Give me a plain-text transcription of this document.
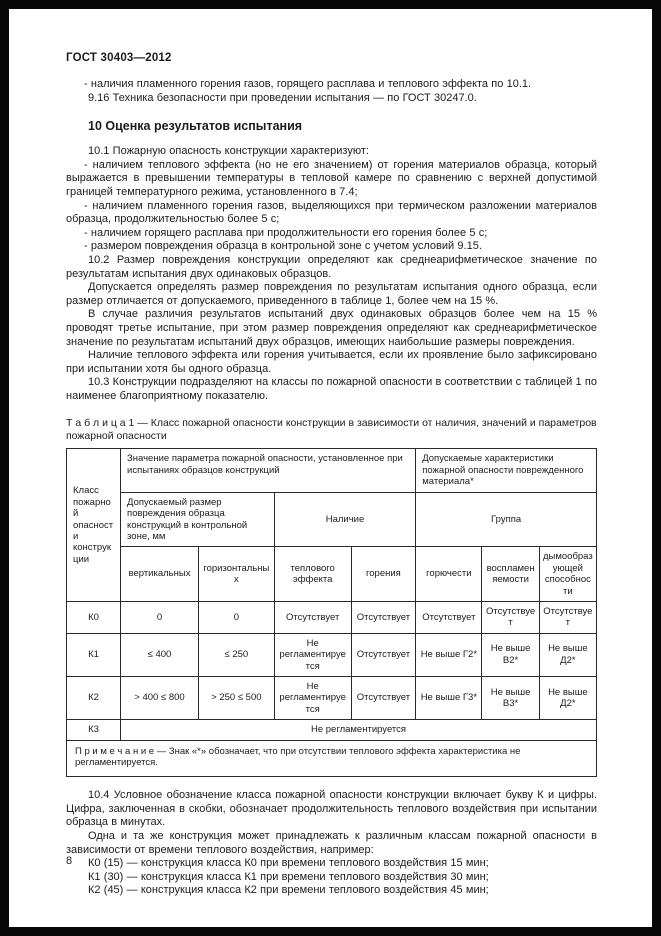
ГОСТ 30403—2012

- наличия пламенного горения газов, горящего расплава и теплового эффекта по 10.1.

9.16 Техника безопасности при проведении испытания — по ГОСТ 30247.0.

10 Оценка результатов испытания

10.1 Пожарную опасность конструкции характеризуют:

- наличием теплового эффекта (но не его значением) от горения материалов образца, который выражается в превышении температуры в тепловой камере по сравнению с верхней допустимой границей температурного режима, установленного в 7.4;

- наличием пламенного горения газов, выделяющихся при термическом разложении материалов образца, продолжительностью более 5 с;

- наличием горящего расплава при продолжительности его горения более 5 с;

- размером повреждения образца в контрольной зоне с учетом условий 9.15.

10.2 Размер повреждения конструкции определяют как среднеарифметическое значение по результатам испытания двух одинаковых образцов.

Допускается определять размер повреждения по результатам испытания одного образца, если размер отличается от допускаемого, приведенного в таблице 1, более чем на 15 %.

В случае различия результатов испытаний двух одинаковых образцов более чем на 15 % проводят третье испытание, при этом размер повреждения определяют как среднеарифметическое значение по результатам испытаний двух образцов, имеющих наибольшие размеры повреждения.

Наличие теплового эффекта или горения учитывается, если их проявление было зафиксировано при испытании хотя бы одного образца.

10.3 Конструкции подразделяют на классы по пожарной опасности в соответствии с таблицей 1 по наименее благоприятному показателю.

Т а б л и ц а 1 — Класс пожарной опасности конструкции в зависимости от наличия, значений и параметров пожарной опасности

Класс пожарной опасности конструкции	Значение параметра пожарной опасности, установленное при испытаниях образцов конструкций				Допускаемые характеристики пожарной опасности поврежденного материала*		
	Допускаемый размер повреждения образца конструкций в контрольной зоне, мм		Наличие		Группа		
	вертикальных	горизонтальных	теплового эффекта	горения	горючести	воспламеняемости	дымообразующей способности
К0	0	0	Отсутствует	Отсутствует	Отсутствует	Отсутствует	Отсутствует
К1	≤ 400	≤ 250	Не регламентируется	Отсутствует	Не выше Г2*	Не выше В2*	Не выше Д2*
К2	> 400 ≤ 800	> 250 ≤ 500	Не регламентируется	Отсутствует	Не выше Г3*	Не выше В3*	Не выше Д2*
К3	Не регламентируется						
П р и м е ч а н и е — Знак «*» обозначает, что при отсутствии теплового эффекта характеристика не регламентируется.							

10.4 Условное обозначение класса пожарной опасности конструкции включает букву К и цифры. Цифра, заключенная в скобки, обозначает продолжительность теплового воздействия при испытании образца в минутах.

Одна и та же конструкция может принадлежать к различным классам пожарной опасности в зависимости от времени теплового воздействия, например:

К0 (15) — конструкция класса К0 при времени теплового воздействия 15 мин;

К1 (30) — конструкция класса К1 при времени теплового воздействия 30 мин;

К2 (45) — конструкция класса К2 при времени теплового воздействия 45 мин;

8
